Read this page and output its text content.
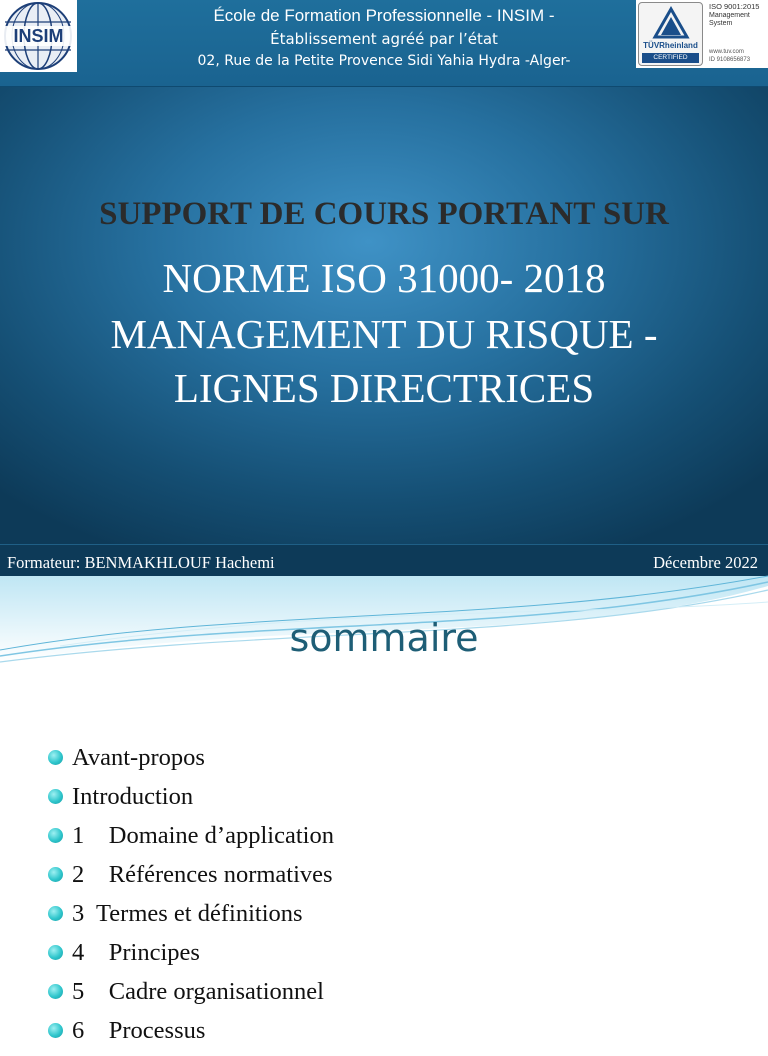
École de Formation Professionnelle - INSIM -
Établissement agréé par l’état
02, Rue de la Petite Provence Sidi Yahia Hydra -Alger-
INSIM	TÜVRheinland
CERTIFIED
ISO 9001:2015
Management
System
www.tuv.com
ID 9108656873
SUPPORT DE COURS PORTANT SUR
NORME ISO 31000- 2018
MANAGEMENT DU RISQUE -
LIGNES DIRECTRICES
Formateur: BENMAKHLOUF Hachemi	Décembre 2022
sommaire
Avant-propos
Introduction
1    Domaine d’application
2    Références normatives
3  Termes et définitions
4    Principes
5    Cadre organisationnel
6    Processus
